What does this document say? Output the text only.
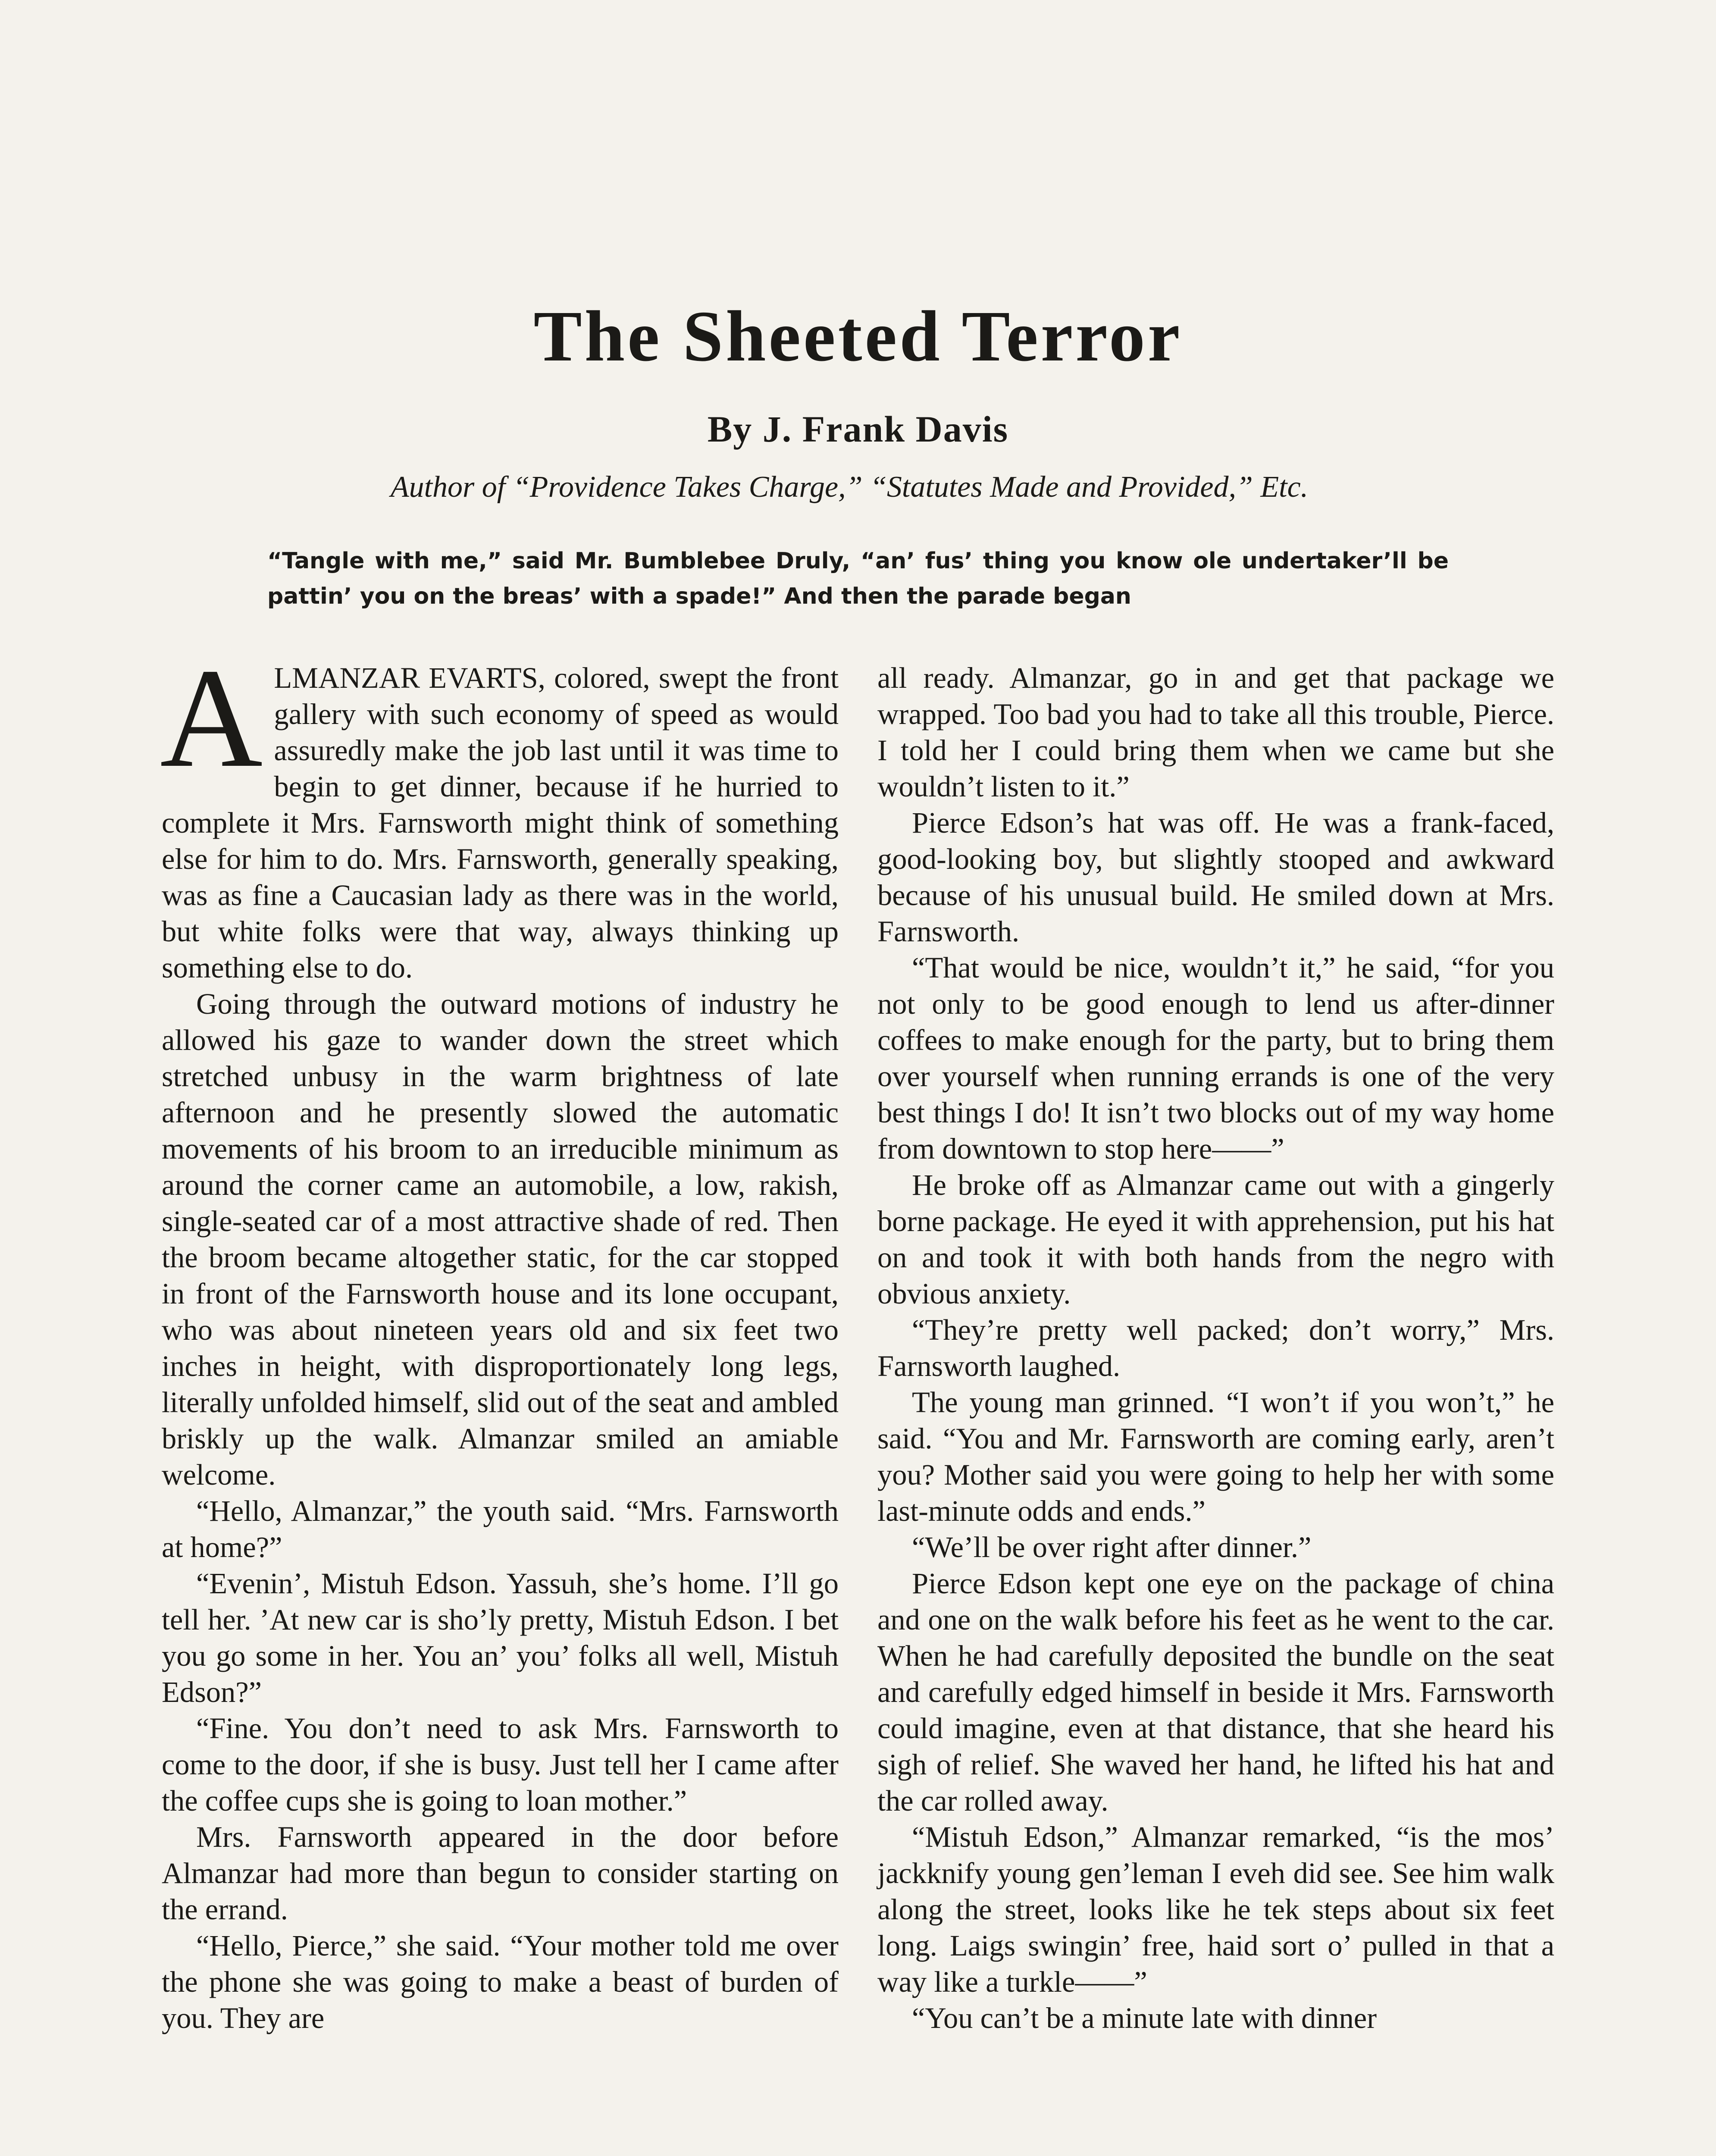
The Sheeted Terror
By J. Frank Davis
Author of “Providence Takes Charge,” “Statutes Made and Provided,” Etc.
“Tangle with me,” said Mr. Bumblebee Druly, “an’ fus’ thing you know ole undertaker’ll be pattin’ you on the breas’ with a spade!” And then the parade began

ALMANZAR EVARTS, colored, swept the front gallery with such economy of speed as would assuredly make the job last until it was time to begin to get dinner, because if he hurried to complete it Mrs. Farnsworth might think of something else for him to do. Mrs. Farnsworth, generally speaking, was as fine a Caucasian lady as there was in the world, but white folks were that way, always thinking up something else to do.

Going through the outward motions of industry he allowed his gaze to wander down the street which stretched unbusy in the warm brightness of late afternoon and he presently slowed the automatic movements of his broom to an irreducible minimum as around the corner came an automobile, a low, rakish, single-seated car of a most attractive shade of red. Then the broom became altogether static, for the car stopped in front of the Farnsworth house and its lone occupant, who was about nineteen years old and six feet two inches in height, with disproportionately long legs, literally unfolded himself, slid out of the seat and ambled briskly up the walk. Almanzar smiled an amiable welcome.

“Hello, Almanzar,” the youth said. “Mrs. Farnsworth at home?”

“Evenin’, Mistuh Edson. Yassuh, she’s home. I’ll go tell her. ’At new car is sho’ly pretty, Mistuh Edson. I bet you go some in her. You an’ you’ folks all well, Mistuh Edson?”

“Fine. You don’t need to ask Mrs. Farnsworth to come to the door, if she is busy. Just tell her I came after the coffee cups she is going to loan mother.”

Mrs. Farnsworth appeared in the door before Almanzar had more than begun to consider starting on the errand.

“Hello, Pierce,” she said. “Your mother told me over the phone she was going to make a beast of burden of you. They are

all ready. Almanzar, go in and get that package we wrapped. Too bad you had to take all this trouble, Pierce. I told her I could bring them when we came but she wouldn’t listen to it.”

Pierce Edson’s hat was off. He was a frank-faced, good-looking boy, but slightly stooped and awkward because of his unusual build. He smiled down at Mrs. Farnsworth.

“That would be nice, wouldn’t it,” he said, “for you not only to be good enough to lend us after-dinner coffees to make enough for the party, but to bring them over yourself when running errands is one of the very best things I do! It isn’t two blocks out of my way home from downtown to stop here——”

He broke off as Almanzar came out with a gingerly borne package. He eyed it with apprehension, put his hat on and took it with both hands from the negro with obvious anxiety.

“They’re pretty well packed; don’t worry,” Mrs. Farnsworth laughed.

The young man grinned. “I won’t if you won’t,” he said. “You and Mr. Farnsworth are coming early, aren’t you? Mother said you were going to help her with some last-minute odds and ends.”

“We’ll be over right after dinner.”

Pierce Edson kept one eye on the package of china and one on the walk before his feet as he went to the car. When he had carefully deposited the bundle on the seat and carefully edged himself in beside it Mrs. Farnsworth could imagine, even at that distance, that she heard his sigh of relief. She waved her hand, he lifted his hat and the car rolled away.

“Mistuh Edson,” Almanzar remarked, “is the mos’ jackknify young gen’leman I eveh did see. See him walk along the street, looks like he tek steps about six feet long. Laigs swingin’ free, haid sort o’ pulled in that a way like a turkle——”

“You can’t be a minute late with dinner
